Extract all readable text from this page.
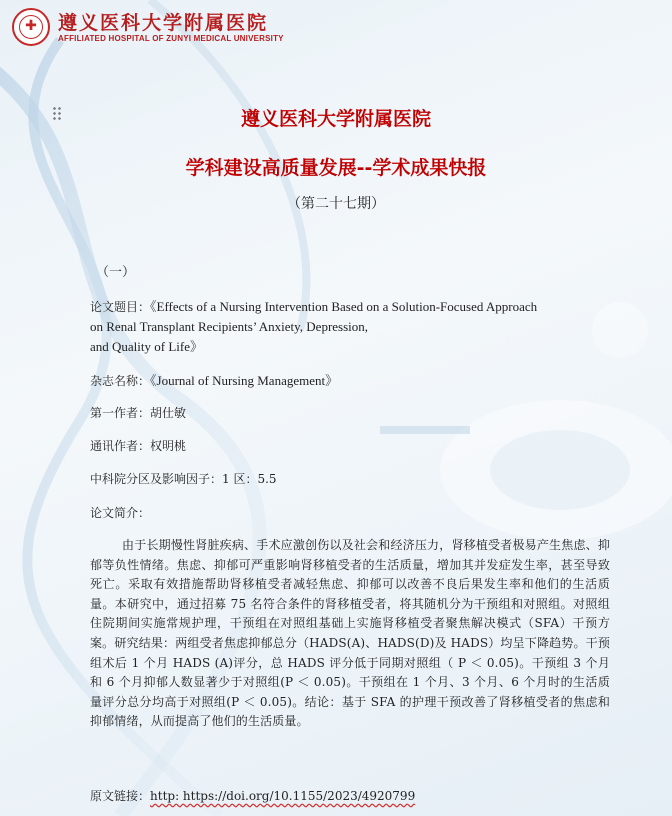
✚
遵义医科大学附属医院
AFFILIATED HOSPITAL OF ZUNYI MEDICAL UNIVERSITY
遵义医科大学附属医院
学科建设高质量发展--学术成果快报
（第二十七期）
（一）
论文题目：《Effects of a Nursing Intervention Based on a Solution-Focused Approach
on Renal Transplant Recipients’ Anxiety, Depression,
and Quality of Life》
杂志名称：《Journal of Nursing Management》
第一作者：胡仕敏
通讯作者：权明桃
中科院分区及影响因子：1 区：5.5
论文简介：
由于长期慢性肾脏疾病、手术应激创伤以及社会和经济压力，肾移植受者极易产生焦虑、抑郁等负性情绪。焦虑、抑郁可严重影响肾移植受者的生活质量，增加其并发症发生率，甚至导致死亡。采取有效措施帮助肾移植受者减轻焦虑、抑郁可以改善不良后果发生率和他们的生活质量。本研究中，通过招募 75 名符合条件的肾移植受者，将其随机分为干预组和对照组。对照组住院期间实施常规护理，干预组在对照组基础上实施肾移植受者聚焦解决模式（SFA）干预方案。研究结果：两组受者焦虑抑郁总分（HADS(A)、HADS(D)及 HADS）均呈下降趋势。干预组术后 1 个月 HADS (A)评分，总 HADS 评分低于同期对照组（ P ＜ 0.05)。干预组 3 个月和 6 个月抑郁人数显著少于对照组(P ＜ 0.05)。干预组在 1 个月、3 个月、6 个月时的生活质量评分总分均高于对照组(P ＜ 0.05)。结论：基于 SFA 的护理干预改善了肾移植受者的焦虑和抑郁情绪，从而提高了他们的生活质量。
原文链接：http: https://doi.org/10.1155/2023/4920799
